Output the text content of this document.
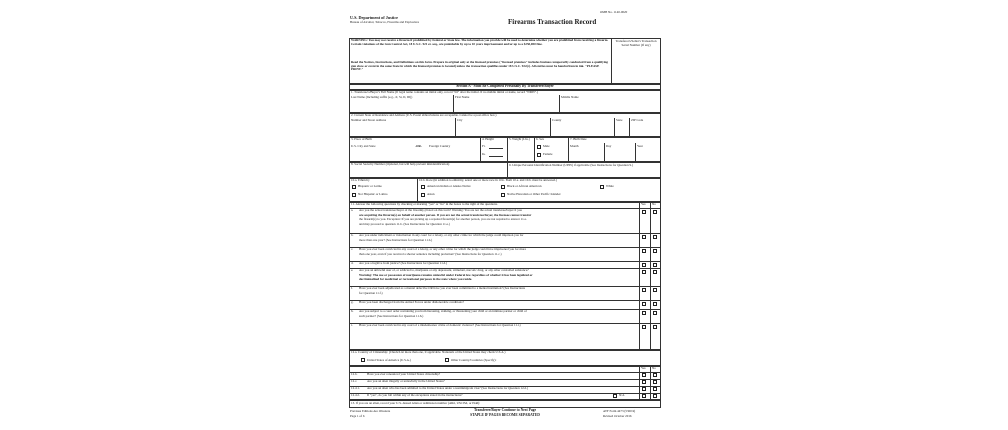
OMB No. 1140-0020
U.S. Department of Justice
Bureau of Alcohol, Tobacco, Firearms and Explosives	Firearms Transaction Record
WARNING: You may not receive a firearm if prohibited by Federal or State law. The information you provide will be used to determine whether you are prohibited from receiving a firearm. Certain violations of the Gun Control Act, 18 U.S.C. 921 et. seq., are punishable by up to 10 years imprisonment and/or up to a $250,000 fine.
Read the Notices, Instructions, and Definitions on this form. Prepare in original only at the licensed premises ("licensed premises" includes business temporarily conducted from a qualifying gun show or event in the same State in which the licensed premises is located) unless the transaction qualifies under 18 U.S.C. 922(c). All entries must be handwritten in ink. "PLEASE PRINT."
Transferor's/Seller's Transaction Serial Number (If any)
Section A - Must Be Completed Personally By Transferee/Buyer
1. Transferee's/Buyer's Full Name (If legal name contains an initial only, record "IO" after the initial. If no middle initial or name, record "NMN".)
Last Name (Including suffix (e.g., Jr, Sr, II, III))	First Name	Middle Name
2. Current State of Residence and Address (U.S. Postal abbreviations are acceptable. Cannot be a post office box.)
Number and Street Address	City	County	State	ZIP Code
3. Place of Birth
U.S. City and State	-OR- Foreign Country
4. Height
Ft.
In.
5. Weight (Lbs.)	6. Sex
Male
Female
7. Birth Date
Month	Day	Year
8. Social Security Number (Optional, but will help prevent misidentification)	9. Unique Personal Identification Number (UPIN) if applicable (See Instructions for Question 9.)
10.a. Ethnicity
Hispanic or Latino
Not Hispanic or Latino
10.b. Race (In addition to ethnicity, select one or more race in 10.b. Both 10.a. and 10.b. must be answered.)
American Indian or Alaska Native	Black or African American	White
Asian	Native Hawaiian or Other Pacific Islander
11. Answer the following questions by checking or marking "yes" or "no" in the boxes to the right of the questions.	Yes No
12.a. Country of Citizenship: (Check/List more than one, if applicable. Nationals of the United States may check U.S.A.)
United States of America (U.S.A.)	Other Country/Countries (Specify):
Yes No
12.b.	Have you ever renounced your United States citizenship?
12.c.	Are you an alien illegally or unlawfully in the United States?
12.d.1. Are you an alien who has been admitted to the United States under a nonimmigrant visa? (See Instructions for Question 12.d.)
12.d.2. If "yes", do you fall within any of the exceptions stated in the instructions?	N/A
13. If you are an alien, record your U.S.-Issued Alien or Admission number (AR#, USCIS#, or I94#):
Previous Editions Are Obsolete
Page 1 of 6
Transferee/Buyer Continue to Next Page
STAPLE IF PAGES BECOME SEPARATED
ATF Form 4473 (5300.9)
Revised October 2016
a. Are you the actual transferee/buyer of the firearm(s) listed on this form? Warning: You are not the actual transferee/buyer if you
are acquiring the firearm(s) on behalf of another person. If you are not the actual transferee/buyer, the licensee cannot transfer
the firearm(s) to you. Exception: If you are picking up a repaired firearm(s) for another person, you are not required to answer 11.a.
and may proceed to question 11.b. (See Instructions for Question 11.a.)
b. Are you under indictment or information in any court for a felony, or any other crime for which the judge could imprison you for
more than one year? (See Instructions for Question 11.b.)
c. Have you ever been convicted in any court of a felony, or any other crime for which the judge could have imprisoned you for more
than one year, even if you received a shorter sentence including probation? (See Instructions for Question 11.c.)
d. Are you a fugitive from justice? (See Instructions for Question 11.d.)
e. Are you an unlawful user of, or addicted to, marijuana or any depressant, stimulant, narcotic drug, or any other controlled substance?
Warning: The use or possession of marijuana remains unlawful under Federal law regardless of whether it has been legalized or
decriminalized for medicinal or recreational purposes in the state where you reside.
f. Have you ever been adjudicated as a mental defective OR have you ever been committed to a mental institution? (See Instructions
for Question 11.f.)
g. Have you been discharged from the Armed Forces under dishonorable conditions?
h. Are you subject to a court order restraining you from harassing, stalking, or threatening your child or an intimate partner or child of
such partner? (See Instructions for Question 11.h.)
i. Have you ever been convicted in any court of a misdemeanor crime of domestic violence? (See Instructions for Question 11.i.)
